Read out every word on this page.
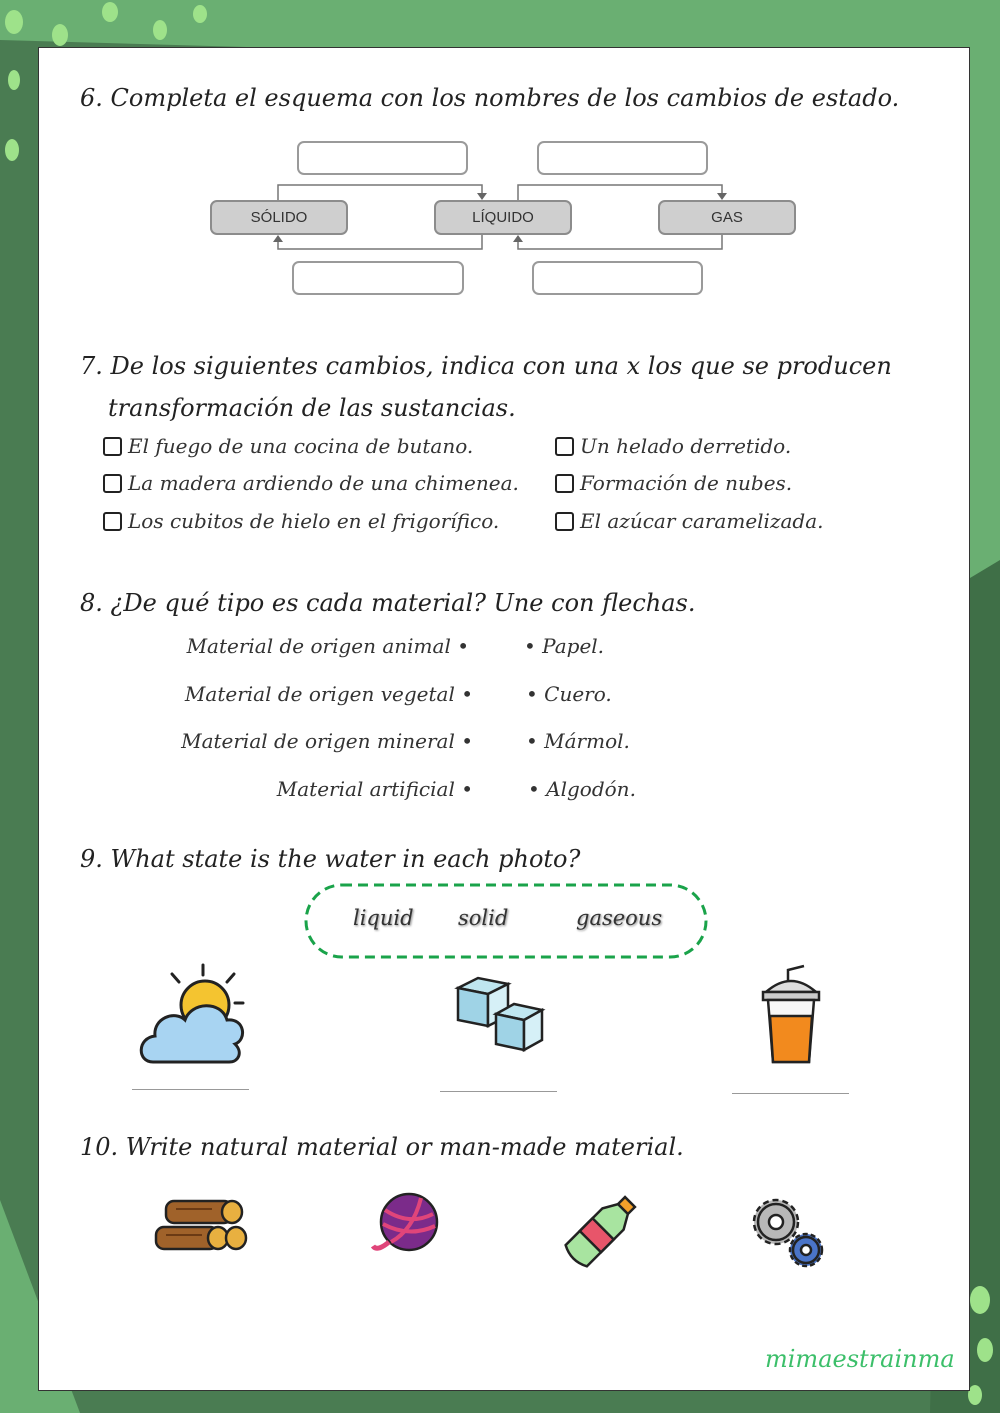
6. Completa el esquema con los nombres de los cambios de estado.
SÓLIDO	LÍQUIDO	GAS
7. De los siguientes cambios, indica con una x los que se producen
transformación de las sustancias.
El fuego de una cocina de butano.
La madera ardiendo de una chimenea.
Los cubitos de hielo en el frigorífico.
Un helado derretido.
Formación de nubes.
El azúcar caramelizada.
8. ¿De qué tipo es cada material? Une con flechas.
Material de origen animal •
Material de origen vegetal •
Material de origen mineral •
Material artificial •
• Papel.
• Cuero.
• Mármol.
• Algodón.
9. What state is the water in each photo?
liquid solid	gaseous
10. Write natural material or man-made material.
mimaestrainma
